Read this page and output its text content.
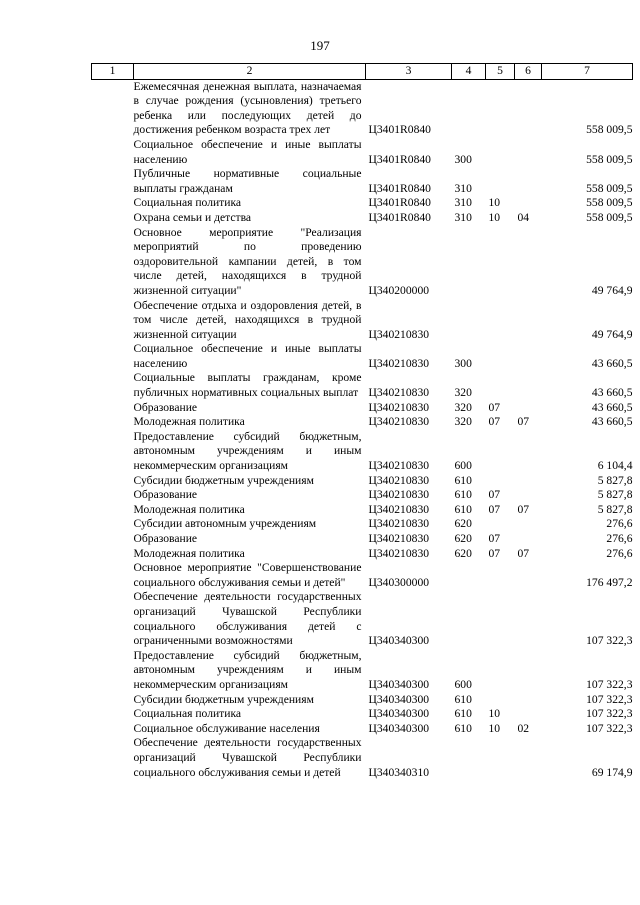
197
1	2	3	4	5	6	7
	Ежемесячная денежная выплата, назначаемая в случае рождения (усыновления) третьего ребенка или последующих детей до достижения ребенком возраста трех лет	Ц3401R0840				558 009,5
	Социальное обеспечение и иные выплаты населению	Ц3401R0840	300			558 009,5
	Публичные нормативные социальные выплаты гражданам	Ц3401R0840	310			558 009,5
	Социальная политика	Ц3401R0840	310	10		558 009,5
	Охрана семьи и детства	Ц3401R0840	310	10	04	558 009,5
	Основное мероприятие "Реализация мероприятий по проведению оздоровительной кампании детей, в том числе детей, находящихся в трудной жизненной ситуации"	Ц340200000				49 764,9
	Обеспечение отдыха и оздоровления детей, в том числе детей, находящихся в трудной жизненной ситуации	Ц340210830				49 764,9
	Социальное обеспечение и иные выплаты населению	Ц340210830	300			43 660,5
	Социальные выплаты гражданам, кроме публичных нормативных социальных выплат	Ц340210830	320			43 660,5
	Образование	Ц340210830	320	07		43 660,5
	Молодежная политика	Ц340210830	320	07	07	43 660,5
	Предоставление субсидий бюджетным, автономным учреждениям и иным некоммерческим организациям	Ц340210830	600			6 104,4
	Субсидии бюджетным учреждениям	Ц340210830	610			5 827,8
	Образование	Ц340210830	610	07		5 827,8
	Молодежная политика	Ц340210830	610	07	07	5 827,8
	Субсидии автономным учреждениям	Ц340210830	620			276,6
	Образование	Ц340210830	620	07		276,6
	Молодежная политика	Ц340210830	620	07	07	276,6
	Основное мероприятие "Совершенствование социального обслуживания семьи и детей"	Ц340300000				176 497,2
	Обеспечение деятельности государственных организаций Чувашской Республики социального обслуживания детей с ограниченными возможностями	Ц340340300				107 322,3
	Предоставление субсидий бюджетным, автономным учреждениям и иным некоммерческим организациям	Ц340340300	600			107 322,3
	Субсидии бюджетным учреждениям	Ц340340300	610			107 322,3
	Социальная политика	Ц340340300	610	10		107 322,3
	Социальное обслуживание населения	Ц340340300	610	10	02	107 322,3
	Обеспечение деятельности государственных организаций Чувашской Республики социального обслуживания семьи и детей	Ц340340310				69 174,9
